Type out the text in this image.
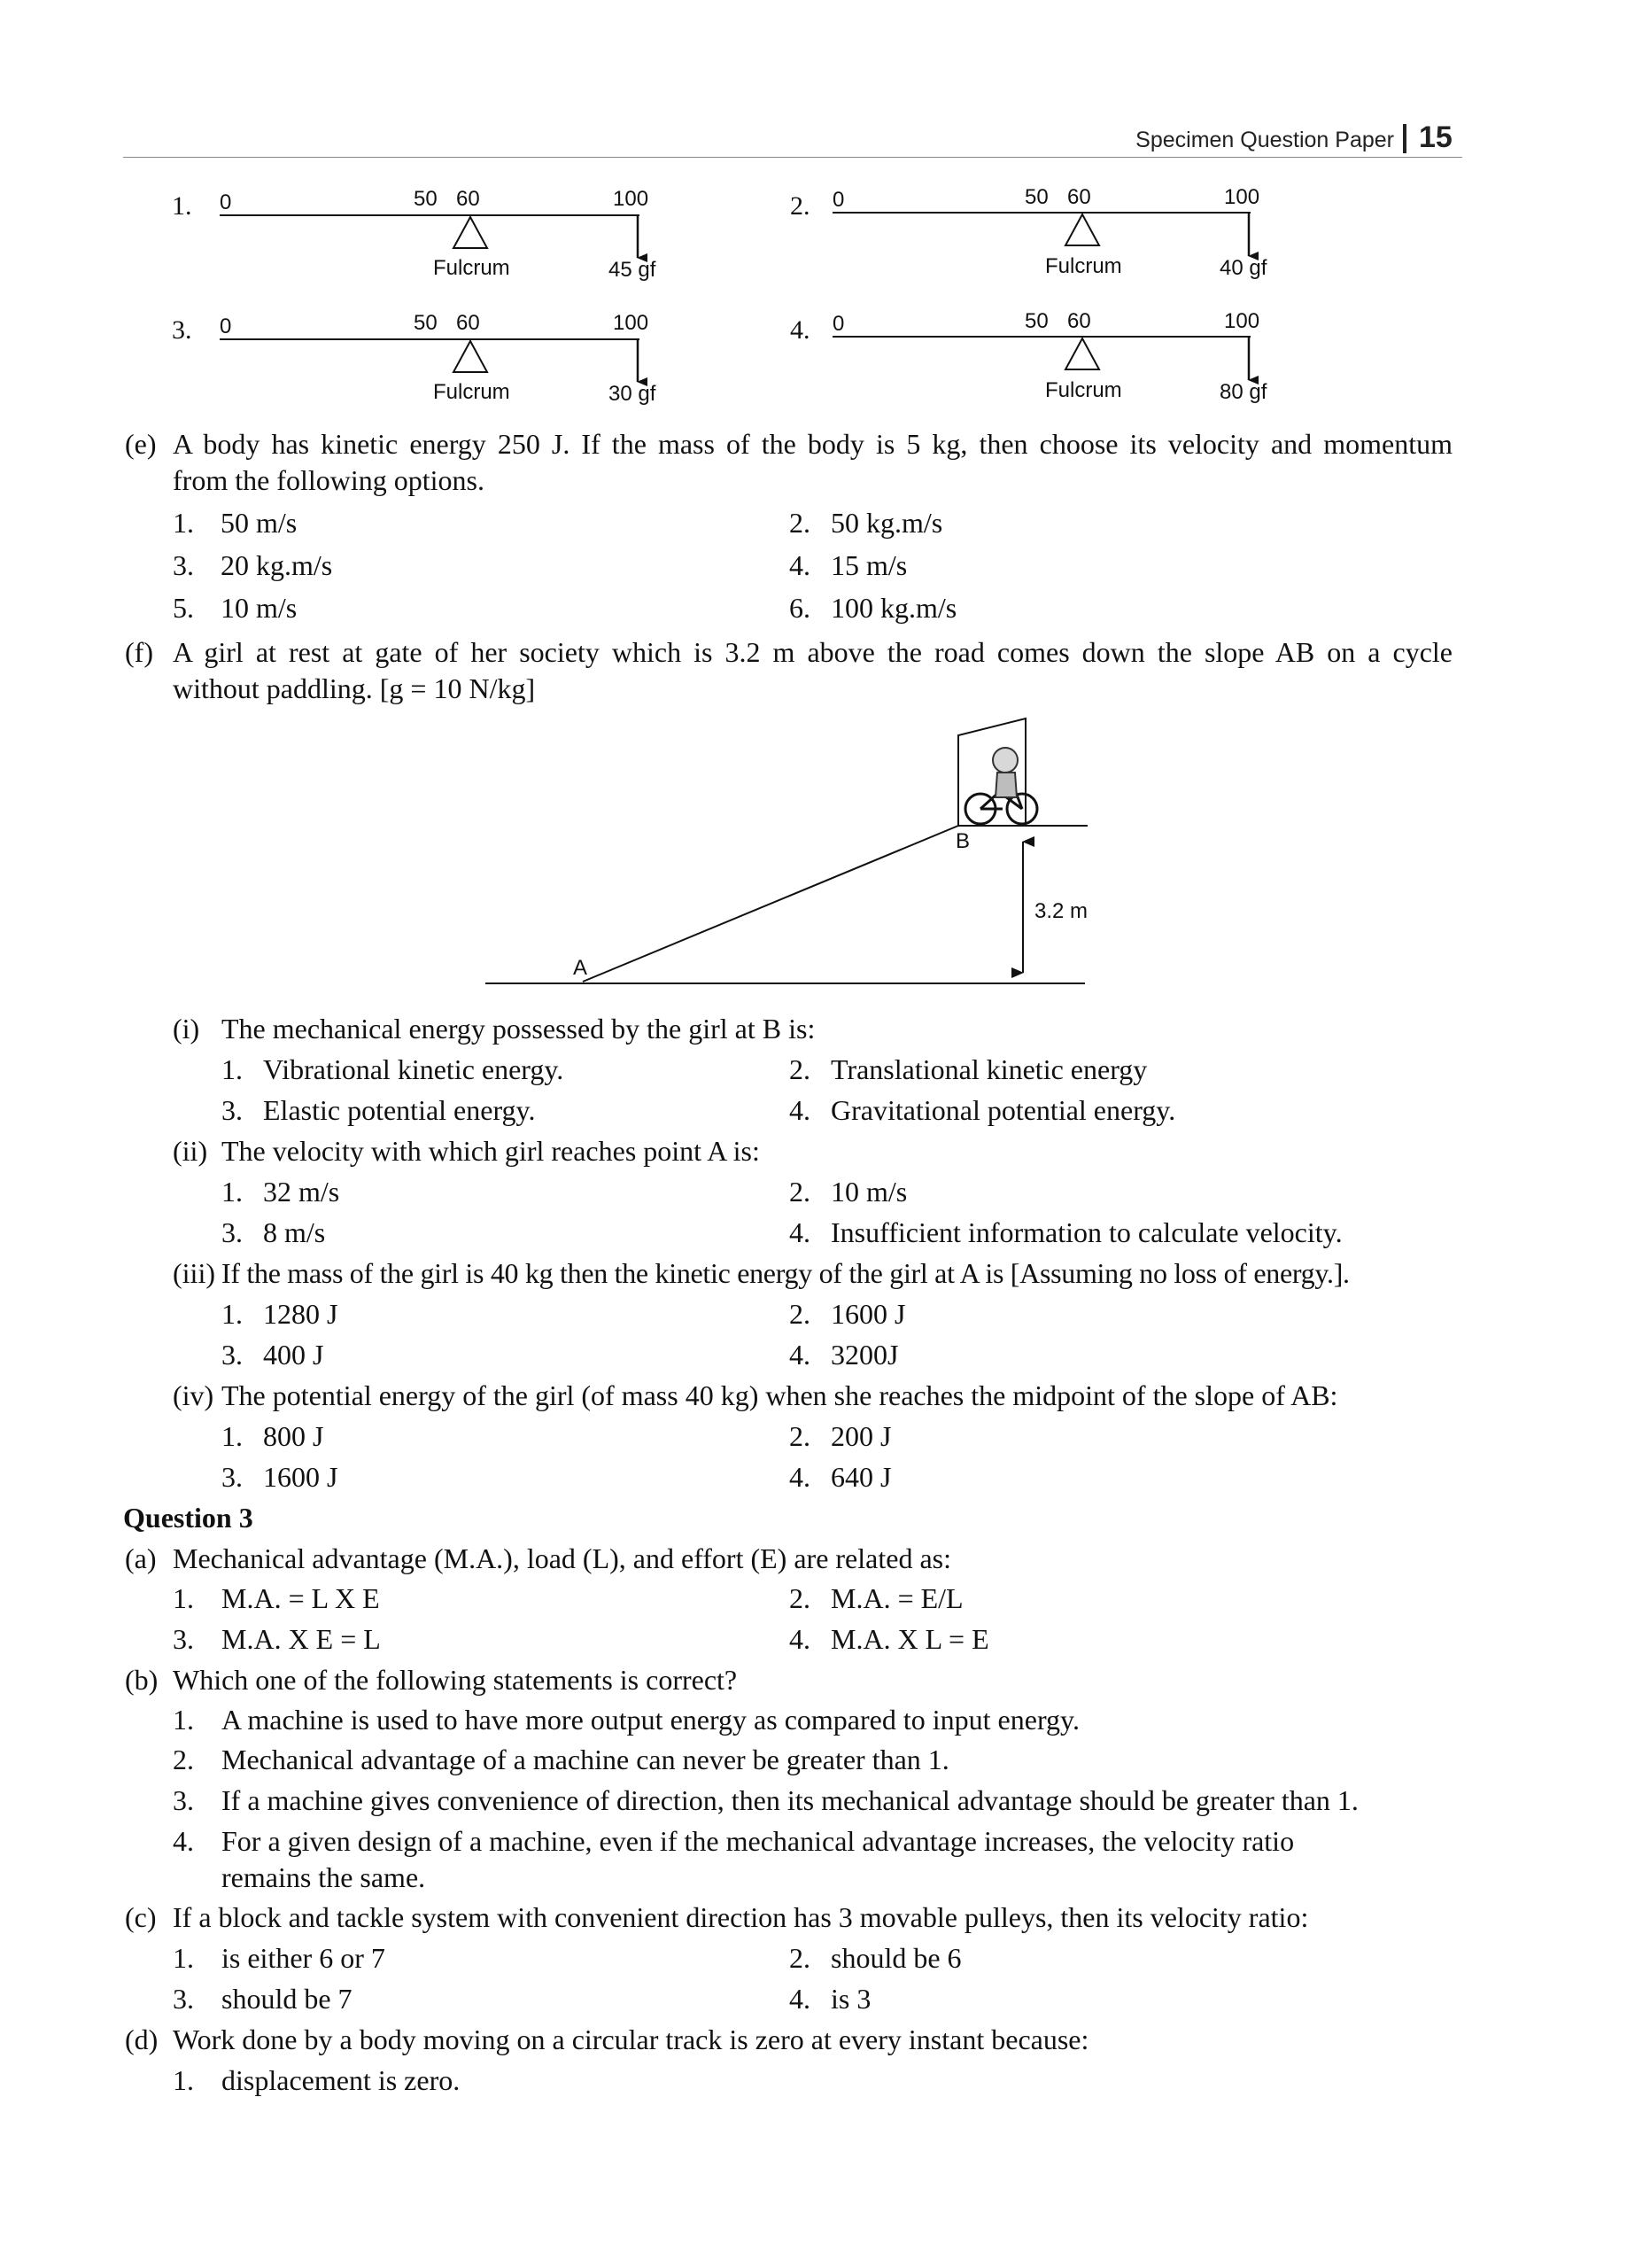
Specimen Question Paper 15
1. 0	50 60	100
Fulcrum	45 gf
2. 0	50 60	100
Fulcrum	40 gf
3. 0	50 60	100
Fulcrum	30 gf
4. 0	50 60	100
Fulcrum	80 gf
(e) A body has kinetic energy 250 J. If the mass of the body is 5 kg, then choose its velocity and momentum
from the following options.
1. 50 m/s	2. 50 kg.m/s
3. 20 kg.m/s	4. 15 m/s
5. 10 m/s	6. 100 kg.m/s
(f) A girl at rest at gate of her society which is 3.2 m above the road comes down the slope AB on a cycle
without paddling. [g = 10 N/kg]
A
B
3.2 m
(i) The mechanical energy possessed by the girl at B is:
1. Vibrational kinetic energy.	2. Translational kinetic energy
3. Elastic potential energy.	4. Gravitational potential energy.
(ii) The velocity with which girl reaches point A is:
1. 32 m/s	2. 10 m/s
3. 8 m/s	4. Insufficient information to calculate velocity.
(iii) If the mass of the girl is 40 kg then the kinetic energy of the girl at A is [Assuming no loss of energy.].
1. 1280 J	2. 1600 J
3. 400 J	4. 3200J
(iv) The potential energy of the girl (of mass 40 kg) when she reaches the midpoint of the slope of AB:
1. 800 J	2. 200 J
3. 1600 J	4. 640 J
Question 3
(a) Mechanical advantage (M.A.), load (L), and effort (E) are related as:
1. M.A. = L X E	2. M.A. = E/L
3. M.A. X E = L	4. M.A. X L = E
(b) Which one of the following statements is correct?
1. A machine is used to have more output energy as compared to input energy.
2. Mechanical advantage of a machine can never be greater than 1.
3. If a machine gives convenience of direction, then its mechanical advantage should be greater than 1.
4. For a given design of a machine, even if the mechanical advantage increases, the velocity ratio
remains the same.
(c) If a block and tackle system with convenient direction has 3 movable pulleys, then its velocity ratio:
1. is either 6 or 7	2. should be 6
3. should be 7	4. is 3
(d) Work done by a body moving on a circular track is zero at every instant because:
1. displacement is zero.
